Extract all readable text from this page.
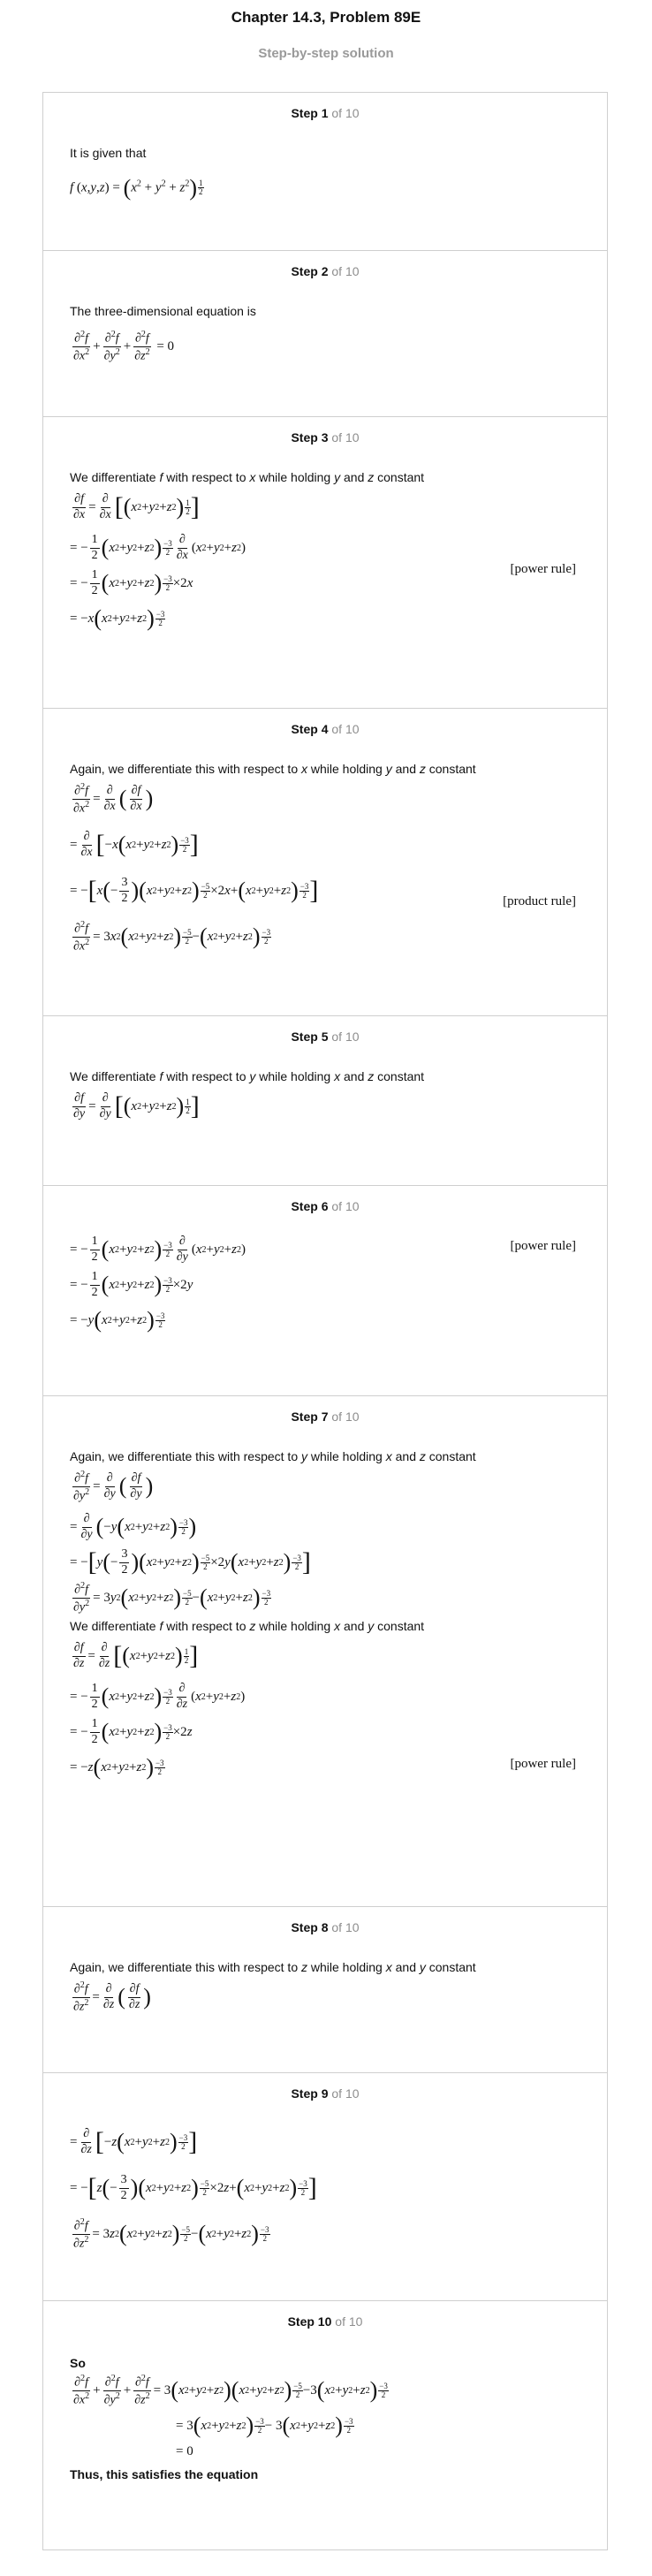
Chapter 14.3, Problem 89E
Step-by-step solution
Step 1 of 10
It is given that
f $(x,y,z) = (x^2 + y^2 + z^2) \frac{1}{2}$
Step 2 of 10
The three-dimensional equation is
∂$^2$f
$\partial x^2$ +
∂$^2$f
$\partial y^2$ +
∂$^2$f
$\partial z^2 = 0$
Step 3 of 10
We differentiate f with respect to x while holding y and z constant
∂f
∂x
=
∂
∂x [ ( x 2 + y 2 + z 2 ) 1
2 ]
= −
1
2 ( x 2 + y 2 + z 2 ) −3
2
∂
∂x
( x 2 + y 2 + z 2 )
= −
1
2 ( x 2 + y 2 + z 2 ) −3
2 ×2 x
= − x ( x 2 + y 2 + z 2 ) −3
2
[power rule]
Step 4 of 10
Again, we differentiate this with respect to x while holding y and z constant
∂$^2$f
$\partial x^2$ =
∂
∂x ( ∂f
∂x )
=
∂
∂x [ − x ( x 2 + y 2 + z 2 ) −3
2 ]
= − [ x ( −
3
2 ) ( x 2 + y 2 + z 2 ) −5
2 ×2 x + ( x 2 + y 2 + z 2 ) −3
2 ]
∂$^2$f
$\partial x^2 = 3$ x 2 ( x 2 + y 2 + z 2 ) −5
2 − ( x 2 + y 2 + z 2 ) −3
2
[product rule]
Step 5 of 10
We differentiate f with respect to y while holding x and z constant
∂f
∂y
=
∂
∂y [ ( x 2 + y 2 + z 2 ) 1
2 ]
Step 6 of 10
= −
1
2 ( x 2 + y 2 + z 2 ) −3
2
∂
∂y
( x 2 + y 2 + z 2 )
= −
1
2 ( x 2 + y 2 + z 2 ) −3
2 ×2 y
= − y ( x 2 + y 2 + z 2 ) −3
2
[power rule]
Step 7 of 10
Again, we differentiate this with respect to y while holding x and z constant
∂$^2$f
$\partial y^2$ =
∂
∂y ( ∂f
∂y )
=
∂
∂y ( − y ( x 2 + y 2 + z 2 ) −3
2 )
= − [ y ( −
3
2 ) ( x 2 + y 2 + z 2 ) −5
2 ×2 y ( x 2 + y 2 + z 2 ) −3
2 ]
∂$^2$f
$\partial y^2 = 3$ y 2 ( x 2 + y 2 + z 2 ) −5
2 − ( x 2 + y 2 + z 2 ) −3
2
We differentiate f with respect to z while holding x and y constant
∂f
∂z
=
∂
∂z [ ( x 2 + y 2 + z 2 ) 1
2 ]
= −
1
2 ( x 2 + y 2 + z 2 ) −3
2
∂
∂z
( x 2 + y 2 + z 2 )
= −
1
2 ( x 2 + y 2 + z 2 ) −3
2 ×2 z
= − z ( x 2 + y 2 + z 2 ) −3
2
[power rule]
Step 8 of 10
Again, we differentiate this with respect to z while holding x and y constant
∂$^2$f
$\partial z^2$ =
∂
∂z ( ∂f
∂z )
Step 9 of 10
=
∂
∂z [ − z ( x 2 + y 2 + z 2 ) −3
2 ]
= − [ z ( −
3
2 ) ( x 2 + y 2 + z 2 ) −5
2 ×2 z + ( x 2 + y 2 + z 2 ) −3
2 ]
∂$^2$f
$\partial z^2 = 3$ z 2 ( x 2 + y 2 + z 2 ) −5
2 − ( x 2 + y 2 + z 2 ) −3
2
Step 10 of 10
So
∂$^2$f
$\partial x^2$ +
∂$^2$f
$\partial y^2$ +
∂$^2$f
$\partial z^2 = 3$ ( x 2 + y 2 + z 2 ) ( x 2 + y 2 + z 2 ) −5
2 −3 ( x 2 + y 2 + z 2 ) −3
2
= 3 ( x 2 + y 2 + z 2 ) −3
2 − 3 ( x 2 + y 2 + z 2 ) −3
2
= 0
Thus, this satisfies the equation
